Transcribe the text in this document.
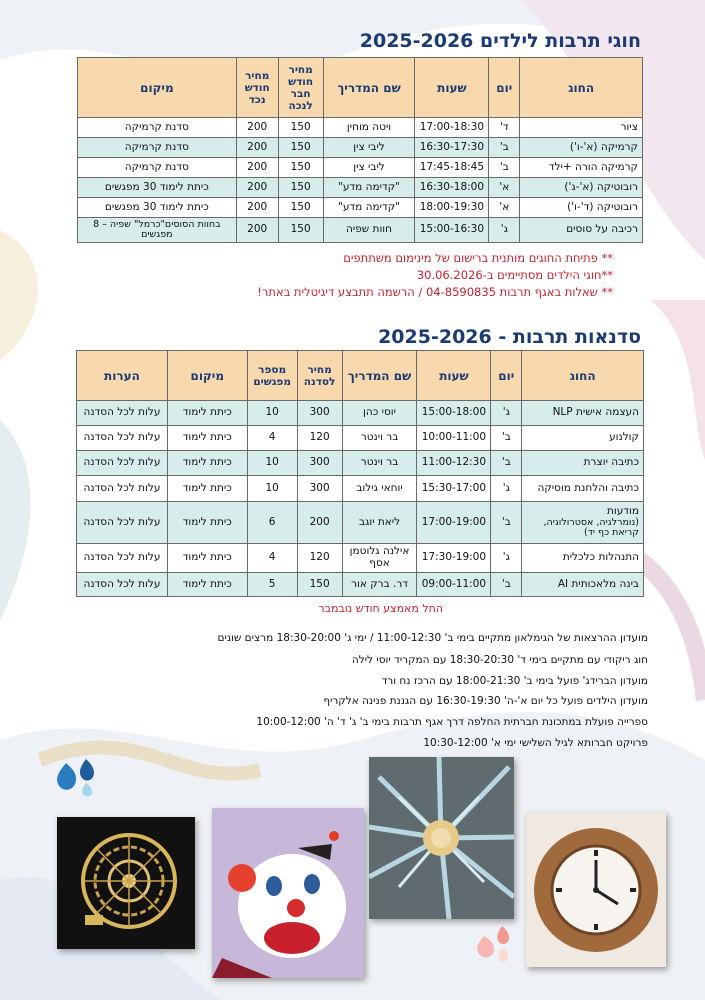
חוגי תרבות לילדים 2025-2026
החוג	יום	שעות	שם המדריך	מחיר חודש חבר לנכה	מחיר חודש נכד	מיקום
ציור	ד'	17:00-18:30	ויטה מוחין	150	200	סדנת קרמיקה
קרמיקה (א'-ו')	ב'	16:30-17:30	ליבי צין	150	200	סדנת קרמיקה
קרמיקה הורה +ילד	ב'	17:45-18:45	ליבי צין	150	200	סדנת קרמיקה
רובוטיקה (א'-ג')	א'	16:30-18:00	"קדימה מדע"	150	200	כיתת לימוד 30 מפגשים
רובוטיקה (ד'-ו')	א'	18:00-19:30	"קדימה מדע"	150	200	כיתת לימוד 30 מפגשים
רכיבה על סוסים	ג'	15:00-16:30	חוות שפיה	150	200	בחוות הסוסים"כרמל" שפיה – 8 מפגשים
** פתיחת החוגים מותנית ברישום של מינימום משתתפים
**חוגי הילדים מסתיימים ב-30.06.2026
** שאלות באגף תרבות 04-8590835 / הרשמה תתבצע דיגיטלית באתר!
סדנאות תרבות - 2025-2026
החוג	יום	שעות	שם המדריך	מחיר לסדנה	מספר מפגשים	מיקום	הערות
העצמה אישית NLP	ג'	15:00-18:00	יוסי כהן	300	10	כיתת לימוד	עלות לכל הסדנה
קולנוע	ב'	10:00-11:00	בר וינטר	120	4	כיתת לימוד	עלות לכל הסדנה
כתיבה יוצרת	ב'	11:00-12:30	בר וינטר	300	10	כיתת לימוד	עלות לכל הסדנה
כתיבה והלחנת מוסיקה	ג'	15:30-17:00	יוחאי גילוב	300	10	כיתת לימוד	עלות לכל הסדנה

מודעות
(נומרלגיה, אסטרולוגיה, קריאת כף יד)	ב'	17:00-19:00	ליאת יוגב	200	6	כיתת לימוד	עלות לכל הסדנה
התנהלות כלכלית	ג'	17:30-19:00	אילנה גלוטמן אסף	120	4	כיתת לימוד	עלות לכל הסדנה
בינה מלאכותית AI	ב'	09:00-11:00	דר. ברק אור	150	5	כיתת לימוד	עלות לכל הסדנה
החל מאמצע חודש נובמבר
מועדון ההרצאות של הגימלאון מתקיים בימי ב' 11:00-12:30 / ימי ג' 18:30-20:00 מרצים שונים
חוג ריקודי עם מתקיים בימי ד' 18:30-20:30 עם המקריד יוסי לילה
מועדון הברידג' פועל בימי ב' 18:00-21:30 עם הרכז נח ורד
מועדון הילדים פועל כל יום א'-ה' 16:30-19:30 עם הגננת פנינה אלקריף
ספרייה פועלת במתכונת חברתית החלפה דרך אגף תרבות בימי ב' ג' ד' ה' 10:00-12:00
פרויקט חברותא לגיל השלישי ימי א' 10:30-12:00
